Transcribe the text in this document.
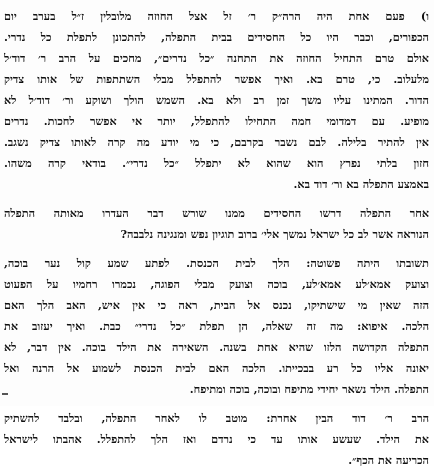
ו) פעם אחת היה הרה״ק ר׳ זל אצל החוזה מלובלין ז״ל בערב יום
הכפורים, וכבר היו כל החסידים בבית התפלה, להתכונן לתפלת כל נדרי.
אולם טרם התחיל החוזה את התחנה ״כל נדרים״, מחכים על הרב ר׳ דוד׳ל
מלעלוב. כי, טרם בא. ואיך אפשר להתפלל מבלי השתתפות של אותו צדיק
הדור. המתינו עליו משך זמן רב ולא בא. השמש הולך ושוקע ור׳ דוד׳ל לא
מופיע. עם דמדומי חמה התחילו להתפלל, יותר אי אפשר לחכות. נדרים
אין להתיר בלילה. לבם נשבר בקרבם, כי מי יודע מה קרה לאותו צדיק נשגב.
חזון בלתי נפרץ הוא שהוא לא יתפלל ״כל נדרי״. בודאי קרה משהו.
באמצע התפלה בא ור׳ דוד בא.
אחר התפלה דרשו החסידים ממנו שורש דבר העדרו מאותה התפלה
הנוראה אשר לב כל ישראל נמשך אלי׳ ברוב תוגיון נפש ומנגינה נלבבה?
תשובתו היתה פשוטה: הלך לבית הכנסת. לפתע שמע קול נער בוכה,
וצועק אמא׳לע אמא׳לע, בוכה וצועק מבלי הפוגה, נכמרו רחמיו על הפעוט
הזה שאין מי שישתיקו, נכנס אל הבית, ראה כי אין איש, האב הלך האם
הלכה. איפוא: מה זה שאלה, הן תפלת ״כל נדרי״ כבת. ואיך יעזוב את
התפלה הקדושה הלזו שהיא אחת בשנה. השאירה את הילד בוכה. אין דבר, לא
יאונה אליו כל רע בבכייתו. הלכה האם לבית הכנסת לשמוע אל הרנה ואל
התפלה. הילד נשאר יחידי מתיפח ובוכה, בוכה ומתיפח.
הרב ר׳ דוד הבין אחרת: מוטב לו לאחר התפלה, ובלבד להשתיק
את הילד. שעשע אותו עד כי נרדם ואז הלך להתפלל. אהבתו לישראל
הכריעה את הכף״.
